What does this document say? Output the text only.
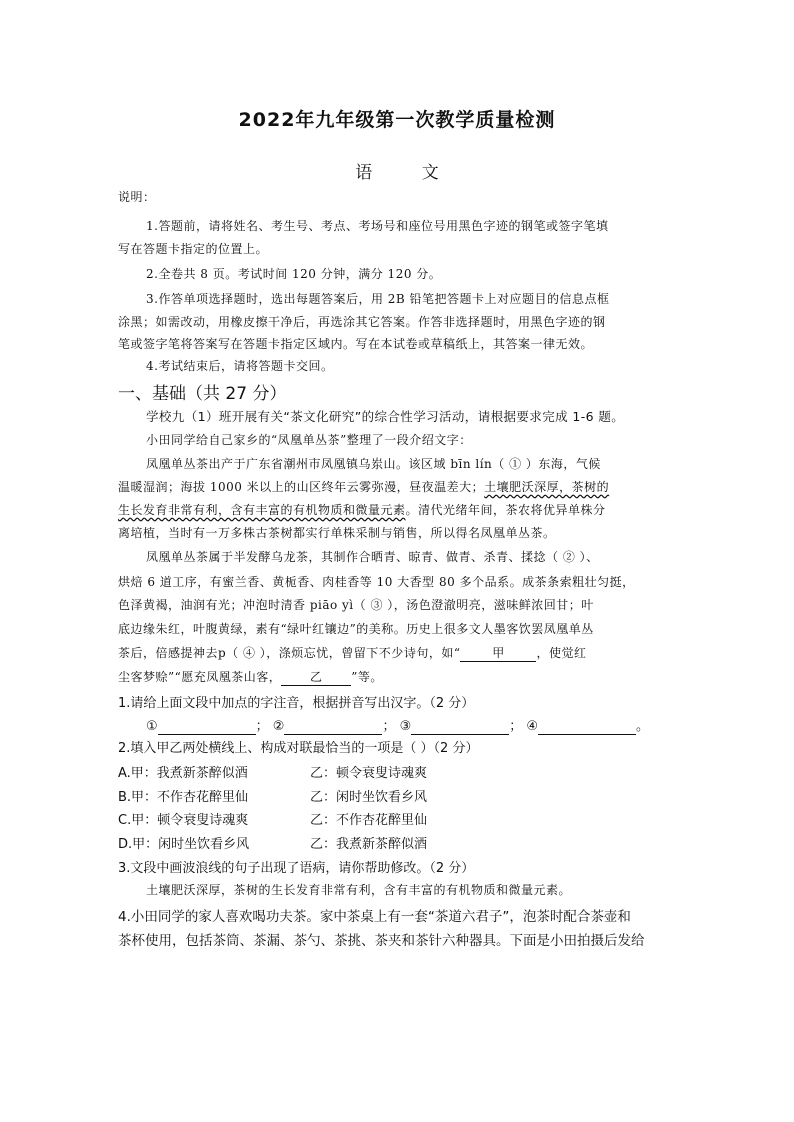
2022年九年级第一次教学质量检测
语 文
说明：
1.答题前，请将姓名、考生号、考点、考场号和座位号用黑色字迹的钢笔或签字笔填
写在答题卡指定的位置上。
2.全卷共 8 页。考试时间 120 分钟，满分 120 分。
3.作答单项选择题时，选出每题答案后，用 2B 铅笔把答题卡上对应题目的信息点框
涂黑；如需改动，用橡皮擦干净后，再选涂其它答案。作答非选择题时，用黑色字迹的钢
笔或签字笔将答案写在答题卡指定区域内。写在本试卷或草稿纸上，其答案一律无效。
4.考试结束后，请将答题卡交回。
一、基础（共 27 分）
学校九（1）班开展有关“茶文化研究”的综合性学习活动，请根据要求完成 1-6 题。
小田同学给自己家乡的“凤凰单丛茶”整理了一段介绍文字：
凤凰单丛茶出产于广东省潮州市凤凰镇乌岽山。该区域 bīn lín（ ① ）东海，气候
温暖湿润；海拔 1000 米以上的山区终年云雾弥漫，昼夜温差大；土壤肥沃深厚，茶树的
生长发育非常有利，含有丰富的有机物质和微量元素。清代光绪年间，茶农将优异单株分
离培植，当时有一万多株古茶树都实行单株采制与销售，所以得名凤凰单丛茶。
凤凰单丛茶属于半发酵乌龙茶，其制作合晒青、晾青、做青、杀青、揉捻（ ② ）、
烘焙 6 道工序，有蜜兰香、黄栀香、肉桂香等 10 大香型 80 多个品系。成茶条索粗壮匀挺，
色泽黄褐，油润有光；冲泡时清香 piāo yì（ ③ ），汤色澄澈明亮，滋味鲜浓回甘；叶
底边缘朱红，叶腹黄绿，素有“绿叶红镶边”的美称。历史上很多文人墨客饮罢凤凰单丛
茶后，倍感提神去p（ ④ ），涤烦忘忧，曾留下不少诗句，如“	甲	，使觉红
尘客梦赊”“愿充凤凰茶山客， 乙 ”等。
1.请给上面文段中加点的字注音，根据拼音写出汉字。（2 分）
①	； ②	； ③	； ④	。
2.填入甲乙两处横线上、构成对联最恰当的一项是（ ）（2 分）
A.甲：我煮新茶醉似酒	乙：顿令衰叟诗魂爽
B.甲：不作杏花醉里仙	乙：闲时坐饮看乡风
C.甲：顿令衰叟诗魂爽	乙：不作杏花醉里仙
D.甲：闲时坐饮看乡风	乙：我煮新茶醉似酒
3.文段中画波浪线的句子出现了语病，请你帮助修改。（2 分）
土壤肥沃深厚，茶树的生长发育非常有利，含有丰富的有机物质和微量元素。
4.小田同学的家人喜欢喝功夫茶。家中茶桌上有一套“茶道六君子”，泡茶时配合茶壶和
茶杯使用，包括茶筒、茶漏、茶勺、茶挑、茶夹和茶针六种器具。下面是小田拍摄后发给
